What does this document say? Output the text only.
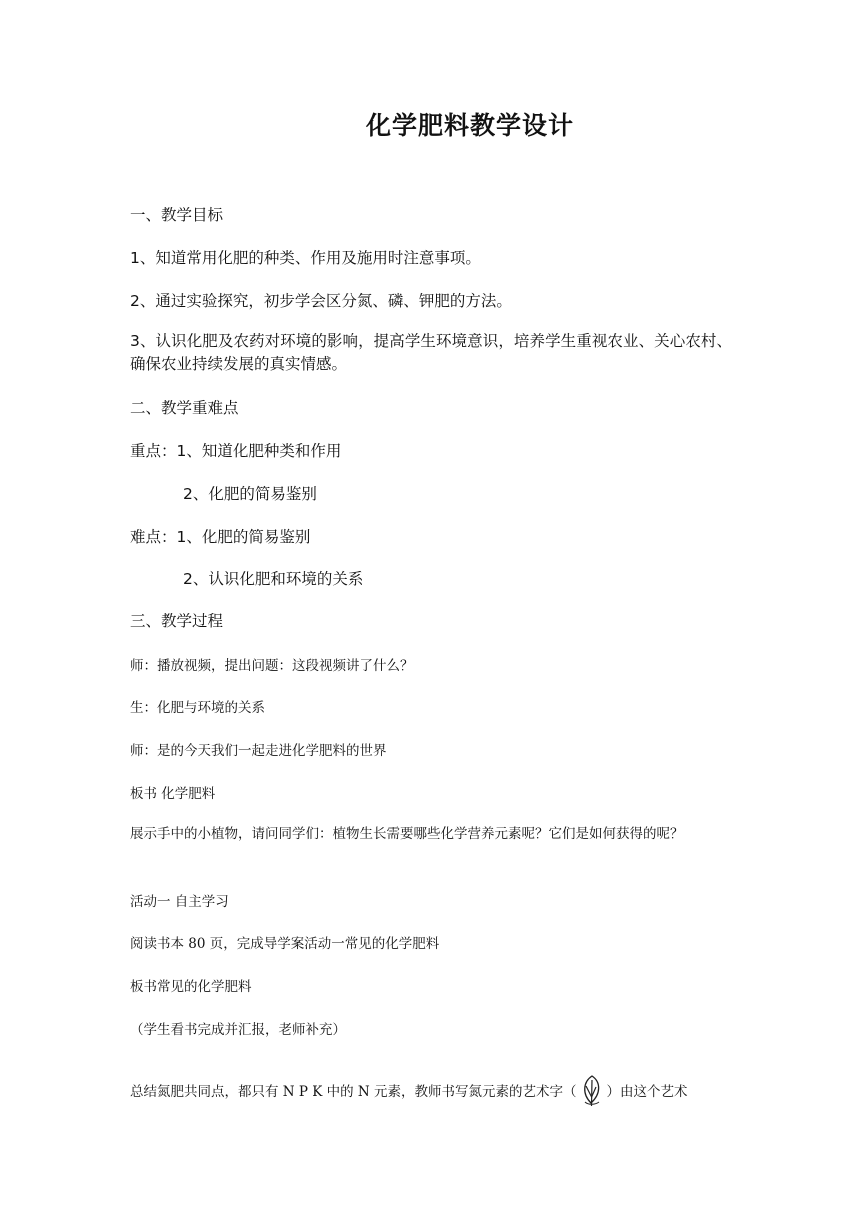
化学肥料教学设计
一、教学目标
1、知道常用化肥的种类、作用及施用时注意事项。
2、通过实验探究，初步学会区分氮、磷、钾肥的方法。
3、认识化肥及农药对环境的影响，提高学生环境意识，培养学生重视农业、关心农村、确保农业持续发展的真实情感。
二、教学重难点
重点：1、知道化肥种类和作用
2、化肥的简易鉴别
难点：1、化肥的简易鉴别
2、认识化肥和环境的关系
三、教学过程
师：播放视频，提出问题：这段视频讲了什么？
生：化肥与环境的关系
师：是的今天我们一起走进化学肥料的世界
板书 化学肥料
展示手中的小植物，请问同学们：植物生长需要哪些化学营养元素呢？它们是如何获得的呢？
活动一 自主学习
阅读书本 80 页，完成导学案活动一常见的化学肥料
板书常见的化学肥料
（学生看书完成并汇报，老师补充）
总结氮肥共同点，都只有 N P K 中的 N 元素，教师书写氮元素的艺术字（ ）由这个艺术
